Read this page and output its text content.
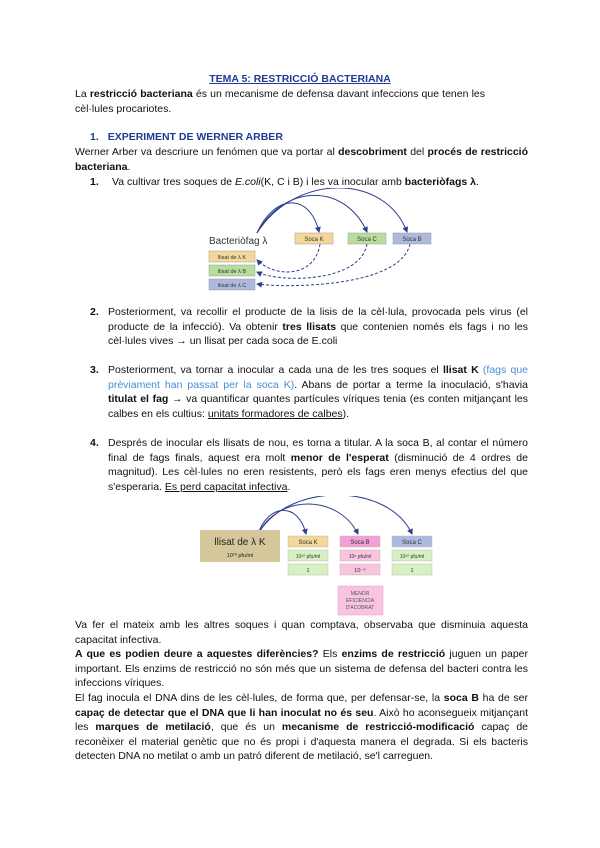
TEMA 5: RESTRICCIÓ BACTERIANA
La restricció bacteriana és un mecanisme de defensa davant infeccions que tenen les cèl·lules procariotes.
1. EXPERIMENT DE WERNER ARBER
Werner Arber va descriure un fenómen que va portar al descobriment del procés de restricció bacteriana.
1. Va cultivar tres soques de E.coli(K, C i B) i les va inocular amb bacteriòfags λ.
Bacteriòfag λ	Soca K	Soca C	Soca B
llisat de λ K
llisat de λ B
llisat de λ C
2. Posteriorment, va recollir el producte de la lisis de la cèl·lula, provocada pels virus (el producte de la infecció). Va obtenir tres llisats que contenien només els fags i no les cèl·lules vives → un llisat per cada soca de E.coli
3. Posteriorment, va tornar a inocular a cada una de les tres soques el llisat K (fags que prèviament han passat per la soca K). Abans de portar a terme la inoculació, s'havia titulat el fag → va quantificar quantes partícules víriques tenia (es conten mitjançant les calbes en els cultius: unitats formadores de calbes).
4. Després de inocular els llisats de nou, es torna a titular. A la soca B, al contar el número final de fags finals, aquest era molt menor de l'esperat (disminució de 4 ordres de magnitud). Les cèl·lules no eren resistents, però els fags eren menys efectius del que s'esperaria. Es perd capacitat infectiva.
llisat de λ K
10¹⁰ pfu/ml
Soca K
10¹⁰ pfu/ml
1
Soca B
10⁶ pfu/ml
10⁻⁴
Soca C
10¹⁰ pfu/ml
1
MENOR
EFICIÈNCIA
D'ACOBRAT
Va fer el mateix amb les altres soques i quan comptava, observaba que disminuia aquesta capacitat infectiva.
A que es podien deure a aquestes diferències? Els enzims de restricció juguen un paper important. Els enzims de restricció no són més que un sistema de defensa del bacteri contra les infeccions víriques.
El fag inocula el DNA dins de les cèl·lules, de forma que, per defensar-se, la soca B ha de ser capaç de detectar que el DNA que li han inoculat no és seu. Això ho aconsegueix mitjançant les marques de metilació, que és un mecanisme de restricció-modificació capaç de reconèixer el material genètic que no és propi i d'aquesta manera el degrada. Si els bacteris detecten DNA no metilat o amb un patró diferent de metilació, se'l carreguen.
